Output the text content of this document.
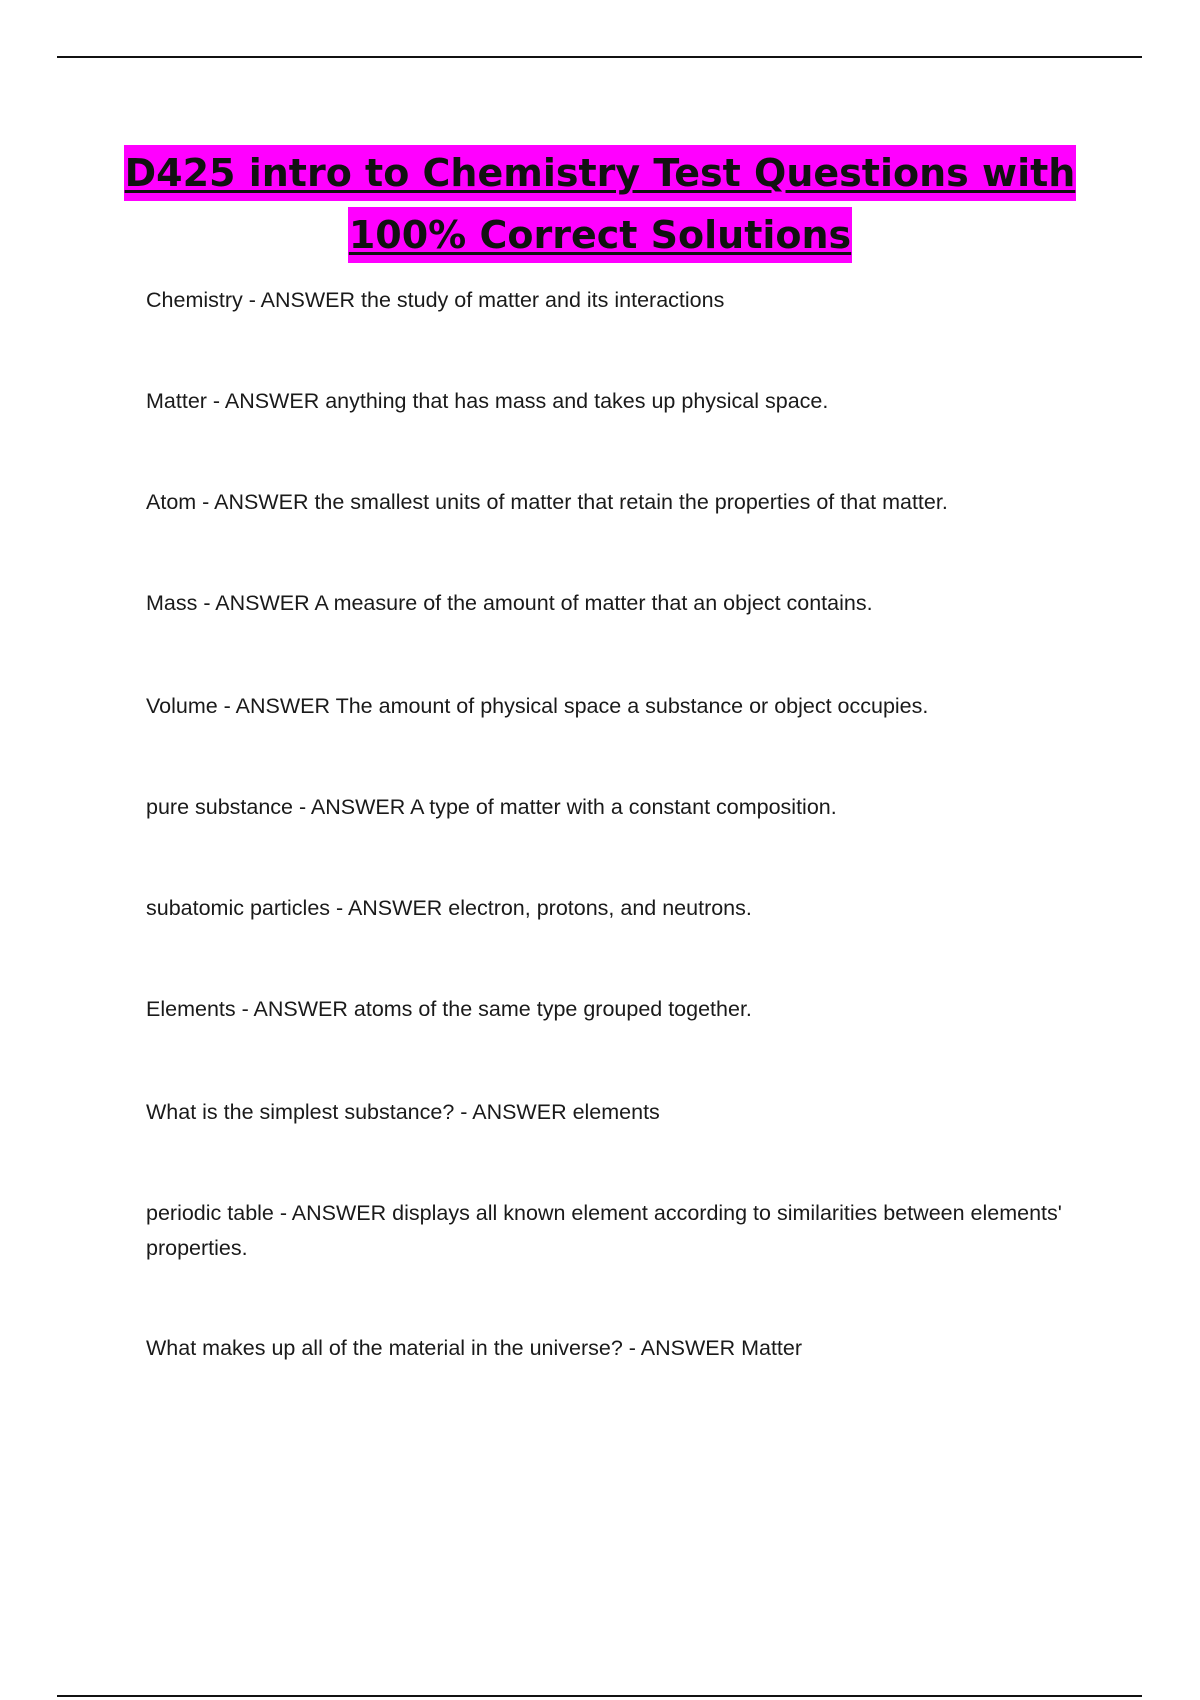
D425 intro to Chemistry Test Questions with
100% Correct Solutions

Chemistry - ANSWER the study of matter and its interactions

Matter - ANSWER anything that has mass and takes up physical space.

Atom - ANSWER the smallest units of matter that retain the properties of that matter.

Mass - ANSWER A measure of the amount of matter that an object contains.

Volume - ANSWER The amount of physical space a substance or object occupies.

pure substance - ANSWER A type of matter with a constant composition.

subatomic particles - ANSWER electron, protons, and neutrons.

Elements - ANSWER atoms of the same type grouped together.

What is the simplest substance? - ANSWER elements

periodic table - ANSWER displays all known element according to similarities between elements' properties.

What makes up all of the material in the universe? - ANSWER Matter
